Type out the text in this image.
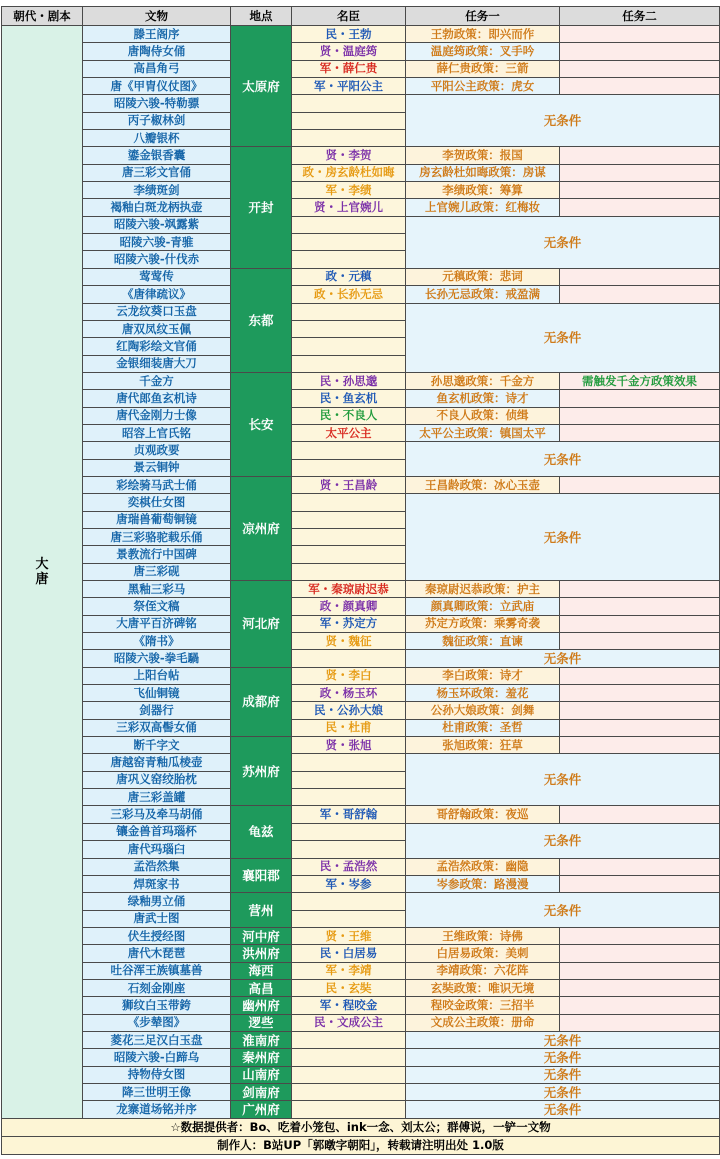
朝代・剧本	文物	地点	名臣	任务一	任务二
大
唐	滕王阁序	太原府	民・王勃	王勃政策：即兴而作	
	唐陶侍女俑		贤・温庭筠	温庭筠政策：叉手吟	
	高昌角弓		军・薛仁贵	薛仁贵政策：三箭	
	唐《甲胄仪仗图》		军・平阳公主	平阳公主政策：虎女	
	昭陵六骏-特勒骠			无条件	
	丙子椒林剑				
	八瓣银杯				
	鎏金银香囊	开封	贤・李贺	李贺政策：报国	
	唐三彩文官俑		政・房玄龄杜如晦	房玄龄杜如晦政策：房谋	
	李绩斑剑		军・李绩	李绩政策：筹算	
	褐釉白斑龙柄执壶		贤・上官婉儿	上官婉儿政策：红梅妆	
	昭陵六骏-飒露紫			无条件	
	昭陵六骏-青骓				
	昭陵六骏-什伐赤				
	莺莺传	东都	政・元稹	元稹政策：悲词	
	《唐律疏议》		政・长孙无忌	长孙无忌政策：戒盈满	
	云龙纹葵口玉盘			无条件	
	唐双凤纹玉佩				
	红陶彩绘文官俑				
	金银细装唐大刀				
	千金方	长安	民・孙思邈	孙思邈政策：千金方	需触发千金方政策效果
	唐代郎鱼玄机诗		民・鱼玄机	鱼玄机政策：诗才	
	唐代金刚力士像		民・不良人	不良人政策：侦缉	
	昭容上官氏铭		太平公主	太平公主政策：镇国太平	
	贞观政要			无条件	
	景云铜钟				
	彩绘骑马武士俑	凉州府	贤・王昌龄	王昌龄政策：冰心玉壶	
	奕棋仕女图			无条件	
	唐瑞兽葡萄铜镜				
	唐三彩骆驼载乐俑				
	景教流行中国碑				
	唐三彩砚				
	黑釉三彩马	河北府	军・秦琼尉迟恭	秦琼尉迟恭政策：护主	
	祭侄文稿		政・颜真卿	颜真卿政策：立武庙	
	大唐平百济碑铭		军・苏定方	苏定方政策：乘雾奇袭	
	《隋书》		贤・魏征	魏征政策：直谏	
	昭陵六骏-拳毛騧			无条件	
	上阳台帖	成都府	贤・李白	李白政策：诗才	
	飞仙铜镜		政・杨玉环	杨玉环政策：羞花	
	剑器行		民・公孙大娘	公孙大娘政策：剑舞	
	三彩双高髻女俑		民・杜甫	杜甫政策：圣哲	
	断千字文	苏州府	贤・张旭	张旭政策：狂草	
	唐越窑青釉瓜棱壶			无条件	
	唐巩义窑绞胎枕				
	唐三彩盖罐				
	三彩马及牵马胡俑	龟兹	军・哥舒翰	哥舒翰政策：夜巡	
	镶金兽首玛瑙杯			无条件	
	唐代玛瑙臼				
	孟浩然集	襄阳郡	民・孟浩然	孟浩然政策：幽隐	
	焊斑家书		军・岑参	岑参政策：路漫漫	
	绿釉男立俑	营州		无条件	
	唐武士图				
	伏生授经图	河中府	贤・王维	王维政策：诗佛	
	唐代木琵琶	洪州府	民・白居易	白居易政策：美刺	
	吐谷浑王族镇墓兽	海西	军・李靖	李靖政策：六花阵	
	石刻金刚座	高昌	民・玄奘	玄奘政策：唯识无境	
	狮纹白玉带銙	幽州府	军・程咬金	程咬金政策：三招半	
	《步辇图》	逻些	民・文成公主	文成公主政策：册命	
	菱花三足汉白玉盘	淮南府		无条件	
	昭陵六骏-白蹄乌	秦州府		无条件	
	持物侍女图	山南府		无条件	
	降三世明王像	剑南府		无条件	
	龙寨道场铭并序	广州府		无条件	
☆数据提供者：Bo、吃着小笼包、ink一念、刘太公；群傅说，一铲一文物					
制作人：B站UP「郭暾字朝阳」，转载请注明出处 1.0版					
